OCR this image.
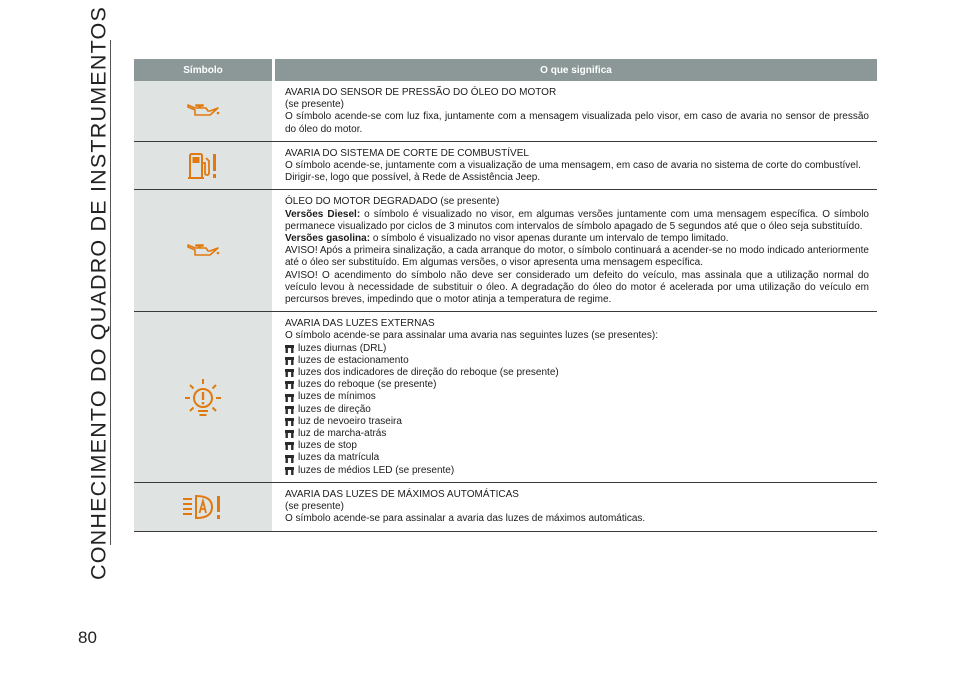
CONHECIMENTO DO QUADRO DE INSTRUMENTOS
80
Símbolo	O que significa

AVARIA DO SENSOR DE PRESSÃO DO ÓLEO DO MOTOR

(se presente)

O símbolo acende-se com luz fixa, juntamente com a mensagem visualizada pelo visor, em caso de avaria no sensor de pressão do óleo do motor.

AVARIA DO SISTEMA DE CORTE DE COMBUSTÍVEL

O símbolo acende-se, juntamente com a visualização de uma mensagem, em caso de avaria no sistema de corte do combustível.

Dirigir-se, logo que possível, à Rede de Assistência Jeep.

ÓLEO DO MOTOR DEGRADADO (se presente)

Versões Diesel: o símbolo é visualizado no visor, em algumas versões juntamente com uma mensagem específica. O símbolo permanece visualizado por ciclos de 3 minutos com intervalos de símbolo apagado de 5 segundos até que o óleo seja substituído.

Versões gasolina: o símbolo é visualizado no visor apenas durante um intervalo de tempo limitado.

AVISO! Após a primeira sinalização, a cada arranque do motor, o símbolo continuará a acender-se no modo indicado anteriormente até o óleo ser substituído. Em algumas versões, o visor apresenta uma mensagem específica.

AVISO! O acendimento do símbolo não deve ser considerado um defeito do veículo, mas assinala que a utilização normal do veículo levou à necessidade de substituir o óleo. A degradação do óleo do motor é acelerada por uma utilização do veículo em percursos breves, impedindo que o motor atinja a temperatura de regime.

AVARIA DAS LUZES EXTERNAS

O símbolo acende-se para assinalar uma avaria nas seguintes luzes (se presentes):

luzes diurnas (DRL)
luzes de estacionamento
luzes dos indicadores de direção do reboque (se presente)
luzes do reboque (se presente)
luzes de mínimos
luzes de direção
luz de nevoeiro traseira
luz de marcha-atrás
luzes de stop
luzes da matrícula
luzes de médios LED (se presente)

AVARIA DAS LUZES DE MÁXIMOS AUTOMÁTICAS

(se presente)

O símbolo acende-se para assinalar a avaria das luzes de máximos automáticas.
